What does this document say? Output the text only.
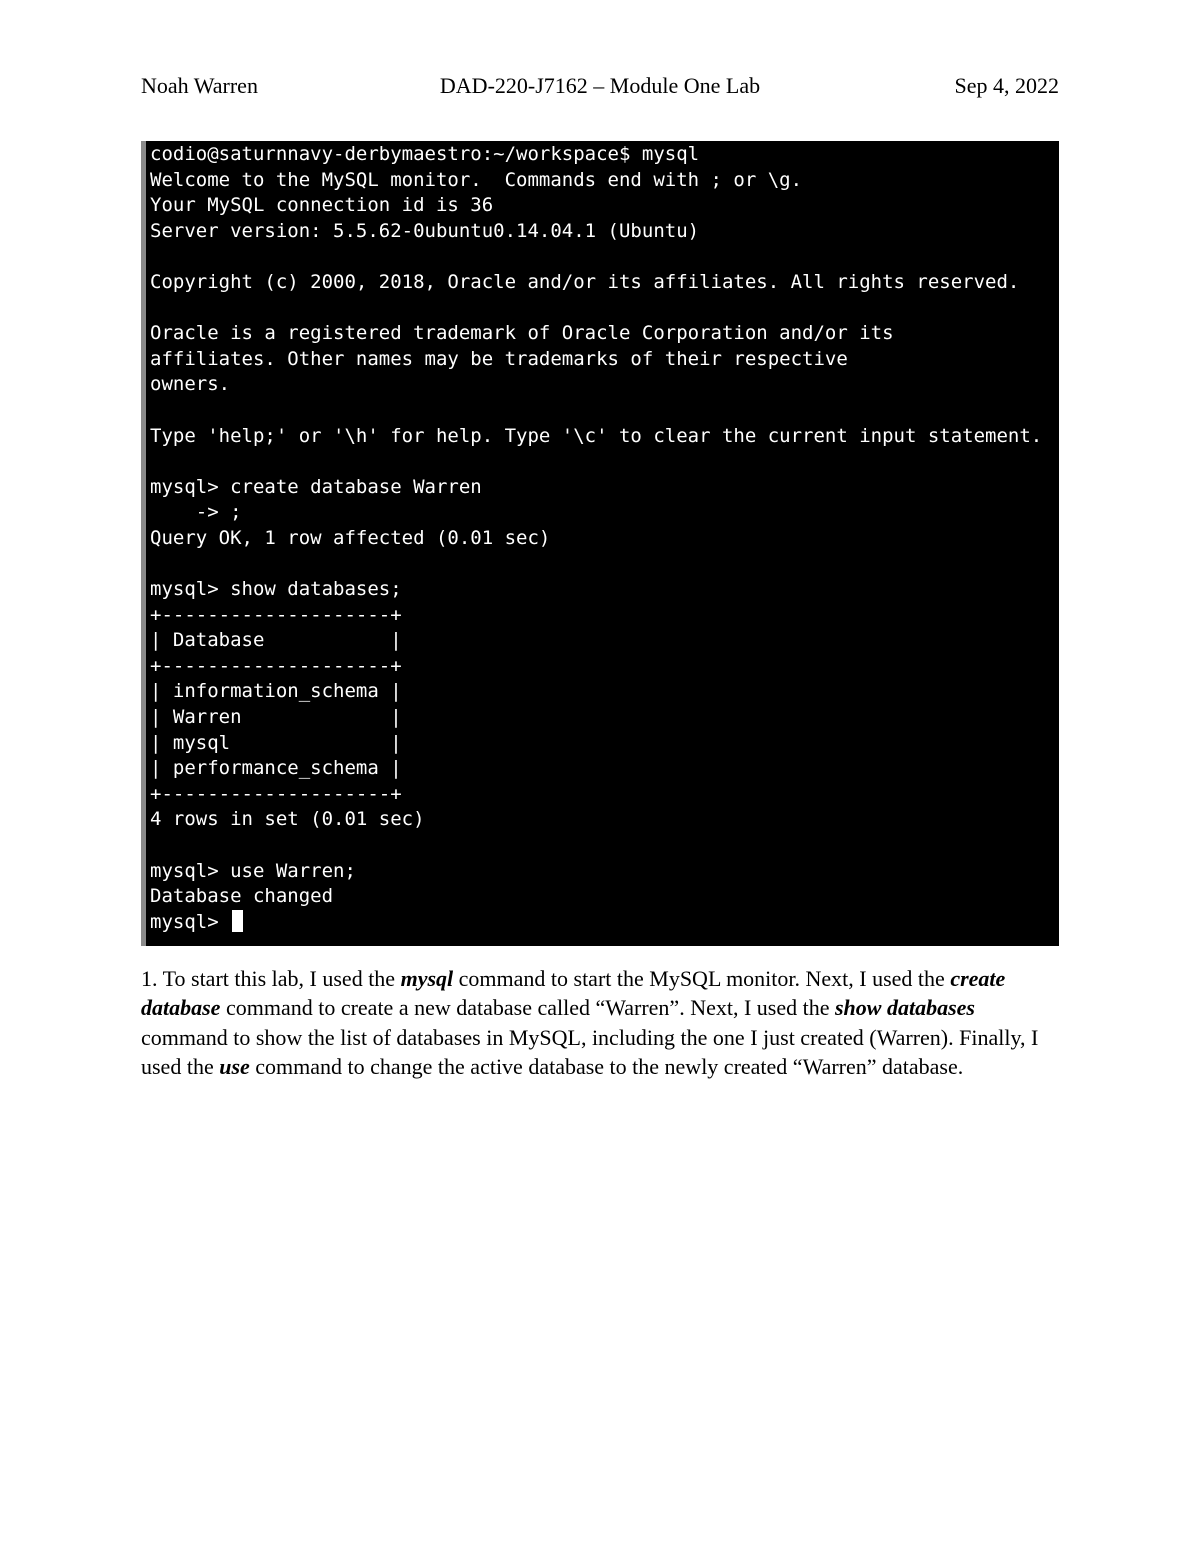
Noah Warren	DAD-220-J7162 – Module One Lab	Sep 4, 2022
codio@saturnnavy-derbymaestro:~/workspace$ mysql
Welcome to the MySQL monitor.  Commands end with ; or \g.
Your MySQL connection id is 36
Server version: 5.5.62-0ubuntu0.14.04.1 (Ubuntu)
Copyright (c) 2000, 2018, Oracle and/or its affiliates. All rights reserved.
Oracle is a registered trademark of Oracle Corporation and/or its
affiliates. Other names may be trademarks of their respective
owners.
Type 'help;' or '\h' for help. Type '\c' to clear the current input statement.
mysql> create database Warren
-> ;
Query OK, 1 row affected (0.01 sec)
mysql> show databases;
+--------------------+
| Database           |
+--------------------+
| information_schema |
| Warren             |
| mysql              |
| performance_schema |
+--------------------+
4 rows in set (0.01 sec)
mysql> use Warren;
Database changed
mysql>
1. To start this lab, I used the mysql command to start the MySQL monitor. Next, I used the create database command to create a new database called “Warren”. Next, I used the show databases command to show the list of databases in MySQL, including the one I just created (Warren). Finally, I used the use command to change the active database to the newly created “Warren” database.
